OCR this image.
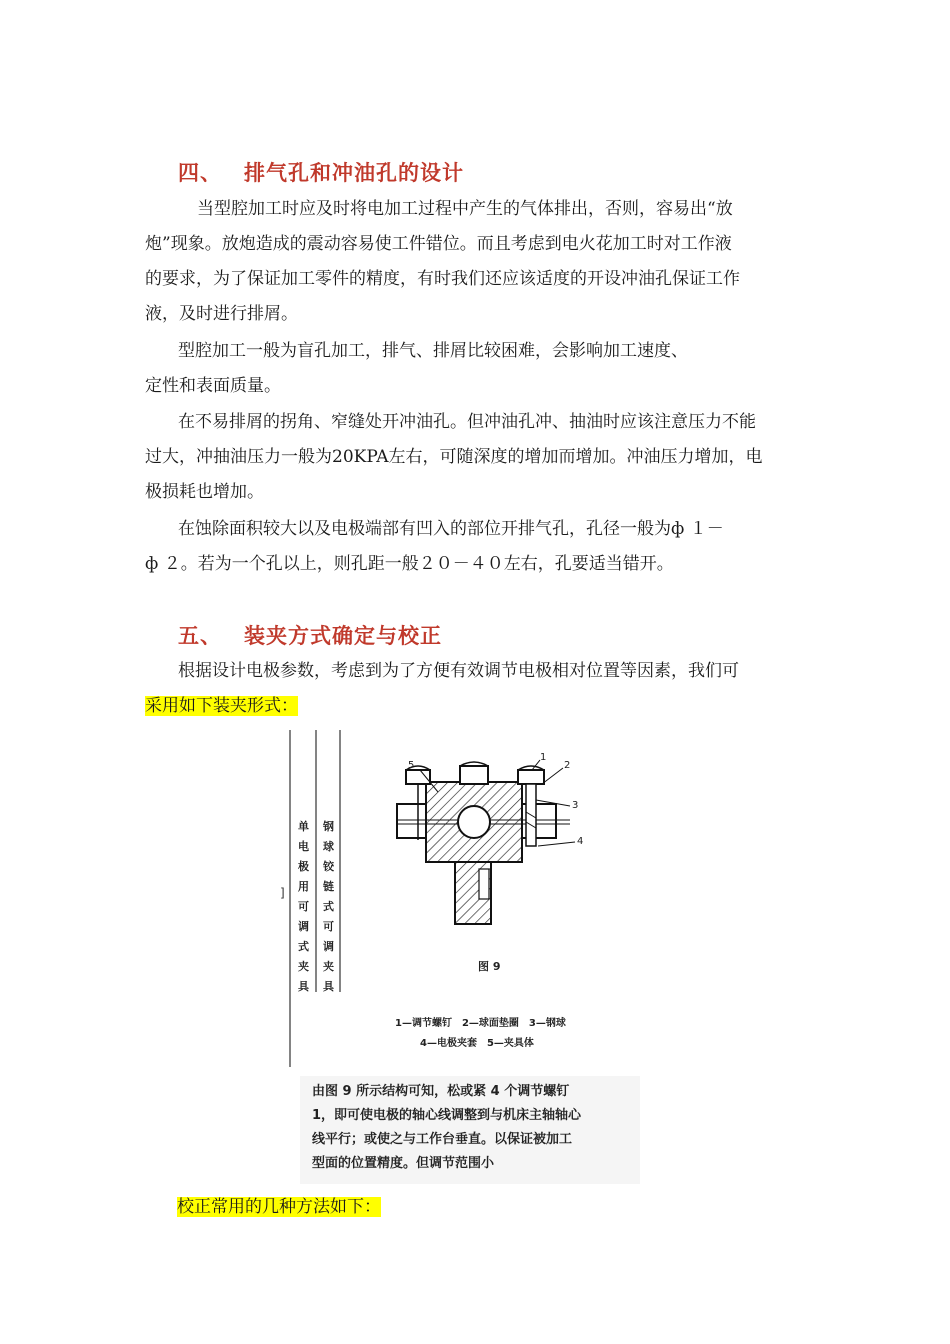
四、 排气孔和冲油孔的设计
当型腔加工时应及时将电加工过程中产生的气体排出，否则，容易出“放
炮”现象。放炮造成的震动容易使工件错位。而且考虑到电火花加工时对工作液
的要求，为了保证加工零件的精度，有时我们还应该适度的开设冲油孔保证工作
液，及时进行排屑。
型腔加工一般为盲孔加工，排气、排屑比较困难，会影响加工速度、
定性和表面质量。
在不易排屑的拐角、窄缝处开冲油孔。但冲油孔冲、抽油时应该注意压力不能
过大，冲抽油压力一般为20KPA左右，可随深度的增加而增加。冲油压力增加，电
极损耗也增加。
在蚀除面积较大以及电极端部有凹入的部位开排气孔，孔径一般为ф １－
ф ２。若为一个孔以上，则孔距一般２０－４０左右，孔要适当错开。
五、 装夹方式确定与校正
根据设计电极参数，考虑到为了方便有效调节电极相对位置等因素，我们可
采用如下装夹形式：
]
单电极用可调式夹具
钢球铰链式可调夹具
5
1
2
3
4
图 9
1—调节螺钉　2—球面垫圈　3—钢球
4—电极夹套　5—夹具体
由图 9 所示结构可知，松或紧 4 个调节螺钉
1，即可使电极的轴心线调整到与机床主轴轴心
线平行；或使之与工作台垂直。以保证被加工
型面的位置精度。但调节范围小
校正常用的几种方法如下：
